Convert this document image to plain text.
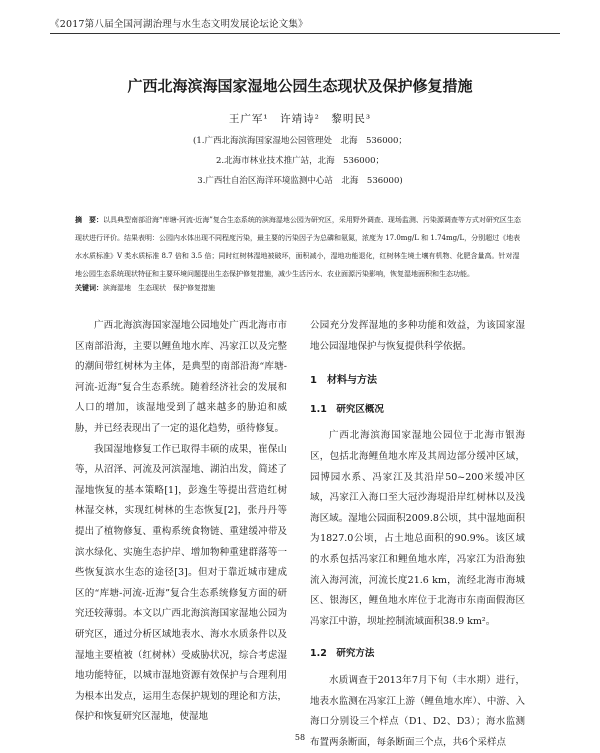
《2017第八届全国河湖治理与水生态文明发展论坛论文集》
广西北海滨海国家湿地公园生态现状及保护修复措施
王广军¹　许靖诗²　黎明民³
(1.广西北海滨海国家湿地公园管理处　北海　536000；
2.北海市林业技术推广站，北海　536000；
3.广西壮自治区海洋环境监测中心站　北海　536000)
摘　要：以具典型南部沿海“库塘-河流-近海”复合生态系统的滨海湿地公园为研究区，采用野外调查、现场监测、污染源调查等方式对研究区生态现状进行评价。结果表明：公园内水体出现不同程度污染，最主要的污染因子为总磷和氨氮，浓度为 17.0mg/L 和 1.74mg/L，分别超过《地表水水质标准》V 类水质标准 8.7 倍和 3.5 倍；同时红树林湿地被破坏，面积减小，湿地功能退化，红树林生境土壤有机物、化肥含量高。针对湿地公园生态系统现状特征和主要环境问题提出生态保护修复措施，减少生活污水、农业面源污染影响，恢复湿地面积和生态功能。
关键词：滨海湿地　生态现状　保护修复措施

广西北海滨海国家湿地公园地处广西北海市市区南部沿海，主要以鲤鱼地水库、冯家江以及完整的潮间带红树林为主体，是典型的南部沿海“库塘-河流-近海”复合生态系统。随着经济社会的发展和人口的增加，该湿地受到了越来越多的胁迫和威胁，并已经表现出了一定的退化趋势，亟待修复。

我国湿地修复工作已取得丰硕的成果，崔保山等，从沼泽、河流及河滨湿地、湖泊出发，简述了湿地恢复的基本策略[1]，彭逸生等提出营造红树林湿交林，实现红树林的生态恢复[2]，张丹丹等提出了植物修复、重构系统食物链、重建缓冲带及滨水绿化、实施生态护岸、增加物种重建群落等一些恢复滨水生态的途径[3]。但对于靠近城市建成区的“库塘-河流-近海”复合生态系统修复方面的研究还较薄弱。本文以广西北海滨海国家湿地公园为研究区，通过分析区域地表水、海水水质条件以及湿地主要植被（红树林）受威胁状况，综合考虑湿地功能特征，以城市湿地资源有效保护与合理利用为根本出发点，运用生态保护规划的理论和方法，保护和恢复研究区湿地，使湿地

公园充分发挥湿地的多种功能和效益，为该国家湿地公园湿地保护与恢复提供科学依据。
1　材料与方法
1.1　研究区概况

广西北海滨海国家湿地公园位于北海市银海区，包括北海鲤鱼地水库及其周边部分缓冲区域，园博园水系、冯家江及其沿岸50~200米缓冲区域，冯家江入海口至大冠沙海堤沿岸红树林以及浅海区域。湿地公园面积2009.8公顷，其中湿地面积为1827.0公顷，占土地总面积的90.9%。该区域的水系包括冯家江和鲤鱼地水库，冯家江为沿海独流入海河流，河流长度21.6 km，流经北海市海城区、银海区，鲤鱼地水库位于北海市东南面假海区冯家江中游，坝址控制流域面积38.9 km²。

1.2　研究方法

水质调查于2013年7月下旬（丰水期）进行，地表水监测在冯家江上游（鲤鱼地水库）、中游、入海口分别设三个样点（D1、D2、D3）；海水监测布置两条断面，每条断面三个点，共6个采样点

58
